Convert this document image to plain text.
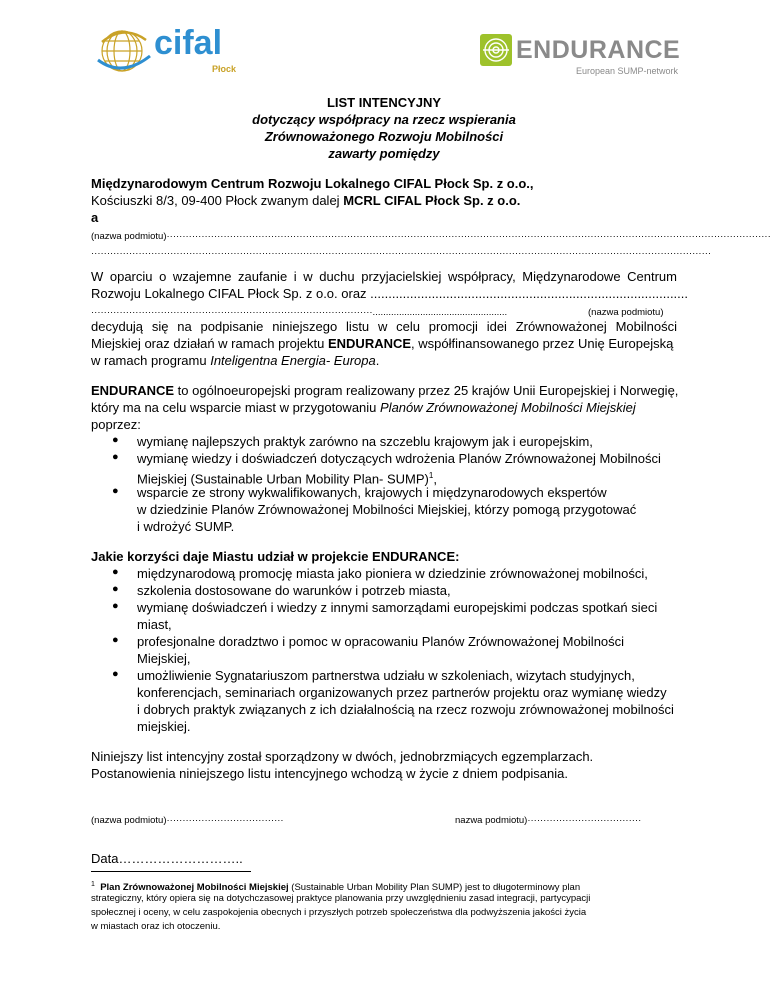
cifal
Płock
ENDURANCE
European SUMP-network
LIST INTENCYJNY
dotyczący współpracy na rzecz wspierania
Zrównoważonego Rozwoju Mobilności
zawarty pomiędzy
Międzynarodowym Centrum Rozwoju Lokalnego CIFAL Płock Sp. z o.o.,
Kościuszki 8/3, 09-400 Płock zwanym dalej MCRL CIFAL Płock Sp. z o.o.
a
(nazwa podmiotu)·······························································································································································································
····································································································································································································
W oparciu o wzajemne zaufanie i w duchu przyjacielskiej współpracy, Międzynarodowe Centrum
Rozwoju Lokalnego CIFAL Płock Sp. z o.o. oraz ........................................................................................
·························································································...................................................	(nazwa podmiotu)
decydują się na podpisanie niniejszego listu w celu promocji idei Zrównoważonej Mobilności
Miejskiej oraz działań w ramach projektu ENDURANCE, współfinansowanego przez Unię Europejską
w ramach programu Inteligentna Energia- Europa.
ENDURANCE to ogólnoeuropejski program realizowany przez 25 krajów Unii Europejskiej i Norwegię,
który ma na celu wsparcie miast w przygotowaniu Planów Zrównoważonej Mobilności Miejskiej
poprzez:
● wymianę najlepszych praktyk zarówno na szczeblu krajowym jak i europejskim,
● wymianę wiedzy i doświadczeń dotyczących wdrożenia Planów Zrównoważonej Mobilności
Miejskiej (Sustainable Urban Mobility Plan- SUMP)$^1$,
● wsparcie ze strony wykwalifikowanych, krajowych i międzynarodowych ekspertów
w dziedzinie Planów Zrównoważonej Mobilności Miejskiej, którzy pomogą przygotować
i wdrożyć SUMP.
Jakie korzyści daje Miastu udział w projekcie ENDURANCE:
● międzynarodową promocję miasta jako pioniera w dziedzinie zrównoważonej mobilności,
● szkolenia dostosowane do warunków i potrzeb miasta,
● wymianę doświadczeń i wiedzy z innymi samorządami europejskimi podczas spotkań sieci
miast,
● profesjonalne doradztwo i pomoc w opracowaniu Planów Zrównoważonej Mobilności
Miejskiej,
● umożliwienie Sygnatariuszom partnerstwa udziału w szkoleniach, wizytach studyjnych,
konferencjach, seminariach organizowanych przez partnerów projektu oraz wymianę wiedzy
i dobrych praktyk związanych z ich działalnością na rzecz rozwoju zrównoważonej mobilności
miejskiej.
Niniejszy list intencyjny został sporządzony w dwóch, jednobrzmiących egzemplarzach.
Postanowienia niniejszego listu intencyjnego wchodzą w życie z dniem podpisania.
(nazwa podmiotu)·····································	nazwa podmiotu)····································
Data………………………..
$^1$ Plan Zrównoważonej Mobilności Miejskiej (Sustainable Urban Mobility Plan SUMP) jest to długoterminowy plan
strategiczny, który opiera się na dotychczasowej praktyce planowania przy uwzględnieniu zasad integracji, partycypacji
społecznej i oceny, w celu zaspokojenia obecnych i przyszłych potrzeb społeczeństwa dla podwyższenia jakości życia
w miastach oraz ich otoczeniu.
